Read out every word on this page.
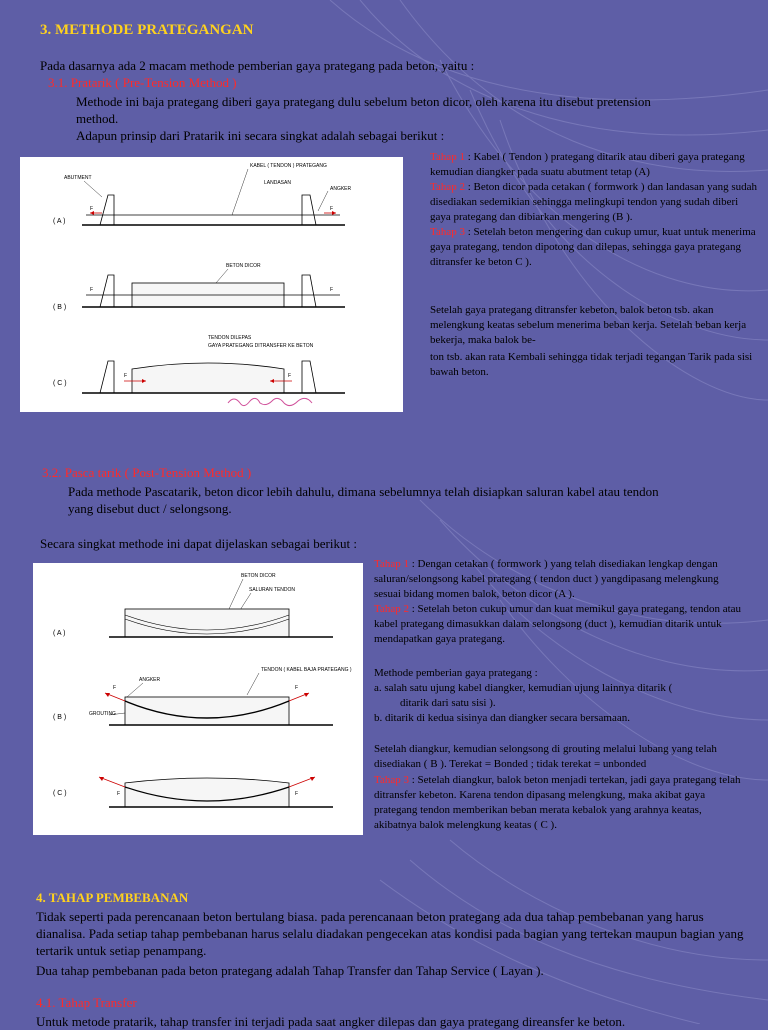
3. METHODE PRATEGANGAN
Pada dasarnya ada 2 macam methode pemberian gaya prategang pada beton, yaitu :
3.1. Pratarik ( Pre-Tension Method )
Methode ini baja prategang diberi gaya prategang dulu sebelum beton dicor, oleh karena itu disebut pretension
method.
Adapun prinsip dari Pratarik ini secara singkat adalah sebagai berikut :
KABEL ( TENDON ) PRATEGANG
ABUTMENT
LANDASAN
ANGKER
( A )
F	F
BETON DICOR
( B )
F	F
TENDON DILEPAS
GAYA PRATEGANG DITRANSFER KE BETON
( C )
F	F
Tahap 1 : Kabel ( Tendon ) prategang ditarik atau diberi gaya prategang kemudian diangker pada suatu abutment tetap (A)
Tahap 2 : Beton dicor pada cetakan ( formwork ) dan landasan yang sudah disediakan sedemikian sehingga melingkupi tendon yang sudah diberi gaya prategang dan dibiarkan mengering (B ).
Tahap 3 : Setelah beton mengering dan cukup umur, kuat untuk menerima gaya prategang, tendon dipotong dan dilepas, sehingga gaya prategang ditransfer ke beton C ).
Setelah gaya prategang ditransfer kebeton, balok beton tsb. akan melengkung keatas sebelum menerima beban kerja. Setelah beban kerja bekerja, maka balok be-
ton tsb. akan rata Kembali sehingga tidak terjadi tegangan Tarik pada sisi bawah beton.
3.2. Pasca tarik ( Post-Tension Method )
Pada methode Pascatarik, beton dicor lebih dahulu, dimana sebelumnya telah disiapkan saluran kabel atau tendon
yang disebut duct / selongsong.
Secara singkat methode ini dapat dijelaskan sebagai berikut :
BETON DICOR
SALURAN TENDON
( A )
TENDON ( KABEL BAJA PRATEGANG )
ANGKER
( B )	GROUTING
F	F
( C )	F	F
Tahap 1 : Dengan cetakan ( formwork ) yang telah disediakan lengkap dengan saluran/selongsong kabel prategang ( tendon duct ) yangdipasang melengkung sesuai bidang momen balok, beton dicor (A ).
Tahap 2 : Setelah beton cukup umur dan kuat memikul gaya prategang, tendon atau kabel prategang dimasukkan dalam selongsong (duct ), kemudian ditarik untuk mendapatkan gaya prategang.
Methode pemberian gaya prategang :
a. salah satu ujung kabel diangker, kemudian ujung lainnya ditarik (
ditarik dari satu sisi ).
b. ditarik di kedua sisinya dan diangker secara bersamaan.
Setelah diangkur, kemudian selongsong di grouting melalui lubang yang telah disediakan ( B ). Terekat = Bonded ; tidak terekat = unbonded
Tahap 3 : Setelah diangkur, balok beton menjadi tertekan, jadi gaya prategang telah ditransfer kebeton. Karena tendon dipasang melengkung, maka akibat gaya prategang tendon memberikan beban merata kebalok yang arahnya keatas, akibatnya balok melengkung keatas ( C ).
4. TAHAP PEMBEBANAN
Tidak seperti pada perencanaan beton bertulang biasa. pada perencanaan beton prategang ada dua tahap pembebanan yang harus dianalisa. Pada setiap tahap pembebanan harus selalu diadakan pengecekan atas kondisi pada bagian yang tertekan maupun bagian yang tertarik untuk setiap penampang.
Dua tahap pembebanan pada beton prategang adalah Tahap Transfer dan Tahap Service ( Layan ).
4.1. Tahap Transfer
Untuk metode pratarik, tahap transfer ini terjadi pada saat angker dilepas dan gaya prategang direansfer ke beton.
